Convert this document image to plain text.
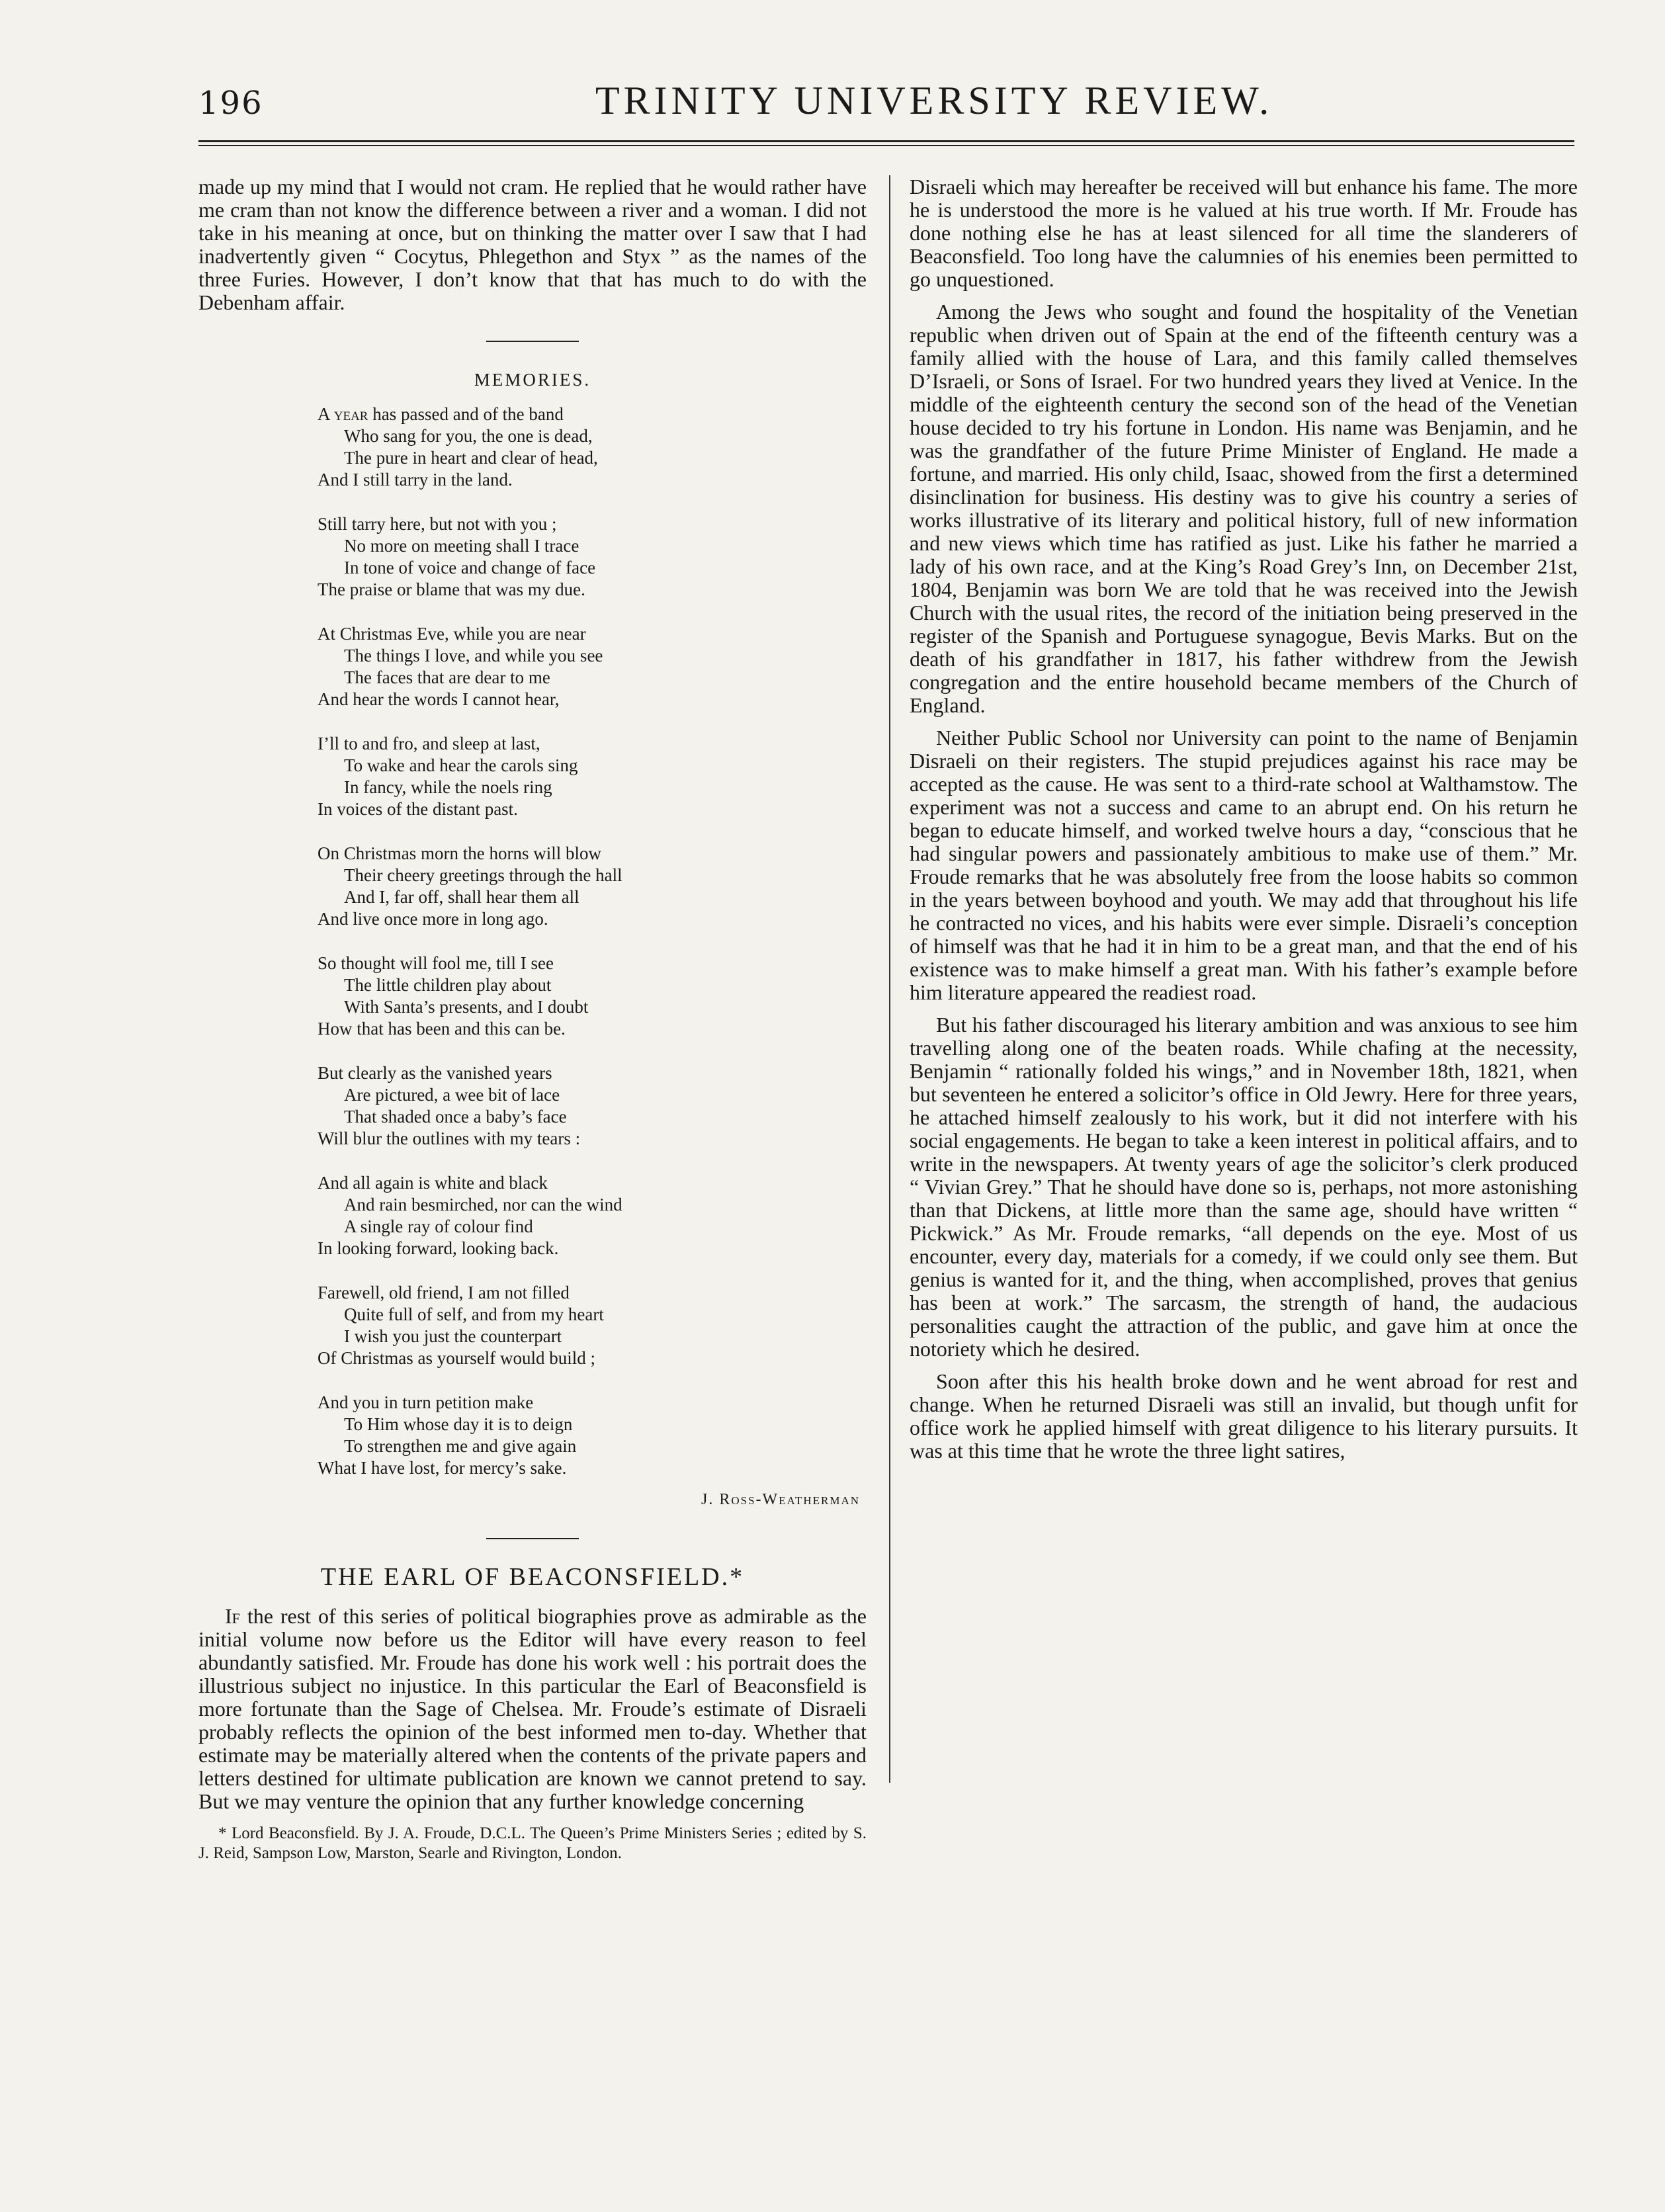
196	TRINITY UNIVERSITY REVIEW.

made up my mind that I would not cram. He replied that he would rather have me cram than not know the difference between a river and a woman. I did not take in his meaning at once, but on thinking the matter over I saw that I had inadvertently given “ Cocytus, Phlegethon and Styx ” as the names of the three Furies. However, I don’t know that that has much to do with the Debenham affair.

MEMORIES.
A year has passed and of the band
Who sang for you, the one is dead,
The pure in heart and clear of head,
And I still tarry in the land.
Still tarry here, but not with you ;
No more on meeting shall I trace
In tone of voice and change of face
The praise or blame that was my due.
At Christmas Eve, while you are near
The things I love, and while you see
The faces that are dear to me
And hear the words I cannot hear,
I’ll to and fro, and sleep at last,
To wake and hear the carols sing
In fancy, while the noels ring
In voices of the distant past.
On Christmas morn the horns will blow
Their cheery greetings through the hall
And I, far off, shall hear them all
And live once more in long ago.
So thought will fool me, till I see
The little children play about
With Santa’s presents, and I doubt
How that has been and this can be.
But clearly as the vanished years
Are pictured, a wee bit of lace
That shaded once a baby’s face
Will blur the outlines with my tears :
And all again is white and black
And rain besmirched, nor can the wind
A single ray of colour find
In looking forward, looking back.
Farewell, old friend, I am not filled
Quite full of self, and from my heart
I wish you just the counterpart
Of Christmas as yourself would build ;
And you in turn petition make
To Him whose day it is to deign
To strengthen me and give again
What I have lost, for mercy’s sake.
J. Ross-Weatherman
THE EARL OF BEACONSFIELD.*

If the rest of this series of political biographies prove as admirable as the initial volume now before us the Editor will have every reason to feel abundantly satisfied. Mr. Froude has done his work well : his portrait does the illustrious subject no injustice. In this particular the Earl of Beaconsfield is more fortunate than the Sage of Chelsea. Mr. Froude’s estimate of Disraeli probably reflects the opinion of the best informed men to-day. Whether that estimate may be materially altered when the contents of the private papers and letters destined for ultimate publication are known we cannot pretend to say. But we may venture the opinion that any further knowledge concerning

* Lord Beaconsfield. By J. A. Froude, D.C.L. The Queen’s Prime Ministers Series ; edited by S. J. Reid, Sampson Low, Marston, Searle and Rivington, London.

Disraeli which may hereafter be received will but enhance his fame. The more he is understood the more is he valued at his true worth. If Mr. Froude has done nothing else he has at least silenced for all time the slanderers of Beaconsfield. Too long have the calumnies of his enemies been permitted to go unquestioned.

Among the Jews who sought and found the hospitality of the Venetian republic when driven out of Spain at the end of the fifteenth century was a family allied with the house of Lara, and this family called themselves D’Israeli, or Sons of Israel. For two hundred years they lived at Venice. In the middle of the eighteenth century the second son of the head of the Venetian house decided to try his fortune in London. His name was Benjamin, and he was the grandfather of the future Prime Minister of England. He made a fortune, and married. His only child, Isaac, showed from the first a determined disinclination for business. His destiny was to give his country a series of works illustrative of its literary and political history, full of new information and new views which time has ratified as just. Like his father he married a lady of his own race, and at the King’s Road Grey’s Inn, on December 21st, 1804, Benjamin was born We are told that he was received into the Jewish Church with the usual rites, the record of the initiation being preserved in the register of the Spanish and Portuguese synagogue, Bevis Marks. But on the death of his grandfather in 1817, his father withdrew from the Jewish congregation and the entire household became members of the Church of England.

Neither Public School nor University can point to the name of Benjamin Disraeli on their registers. The stupid prejudices against his race may be accepted as the cause. He was sent to a third-rate school at Walthamstow. The experiment was not a success and came to an abrupt end. On his return he began to educate himself, and worked twelve hours a day, “conscious that he had singular powers and passionately ambitious to make use of them.” Mr. Froude remarks that he was absolutely free from the loose habits so common in the years between boyhood and youth. We may add that throughout his life he contracted no vices, and his habits were ever simple. Disraeli’s conception of himself was that he had it in him to be a great man, and that the end of his existence was to make himself a great man. With his father’s example before him literature appeared the readiest road.

But his father discouraged his literary ambition and was anxious to see him travelling along one of the beaten roads. While chafing at the necessity, Benjamin “ rationally folded his wings,” and in November 18th, 1821, when but seventeen he entered a solicitor’s office in Old Jewry. Here for three years, he attached himself zealously to his work, but it did not interfere with his social engagements. He began to take a keen interest in political affairs, and to write in the newspapers. At twenty years of age the solicitor’s clerk produced “ Vivian Grey.” That he should have done so is, perhaps, not more astonishing than that Dickens, at little more than the same age, should have written “ Pickwick.” As Mr. Froude remarks, “all depends on the eye. Most of us encounter, every day, materials for a comedy, if we could only see them. But genius is wanted for it, and the thing, when accomplished, proves that genius has been at work.” The sarcasm, the strength of hand, the audacious personalities caught the attraction of the public, and gave him at once the notoriety which he desired.

Soon after this his health broke down and he went abroad for rest and change. When he returned Disraeli was still an invalid, but though unfit for office work he applied himself with great diligence to his literary pursuits. It was at this time that he wrote the three light satires,
